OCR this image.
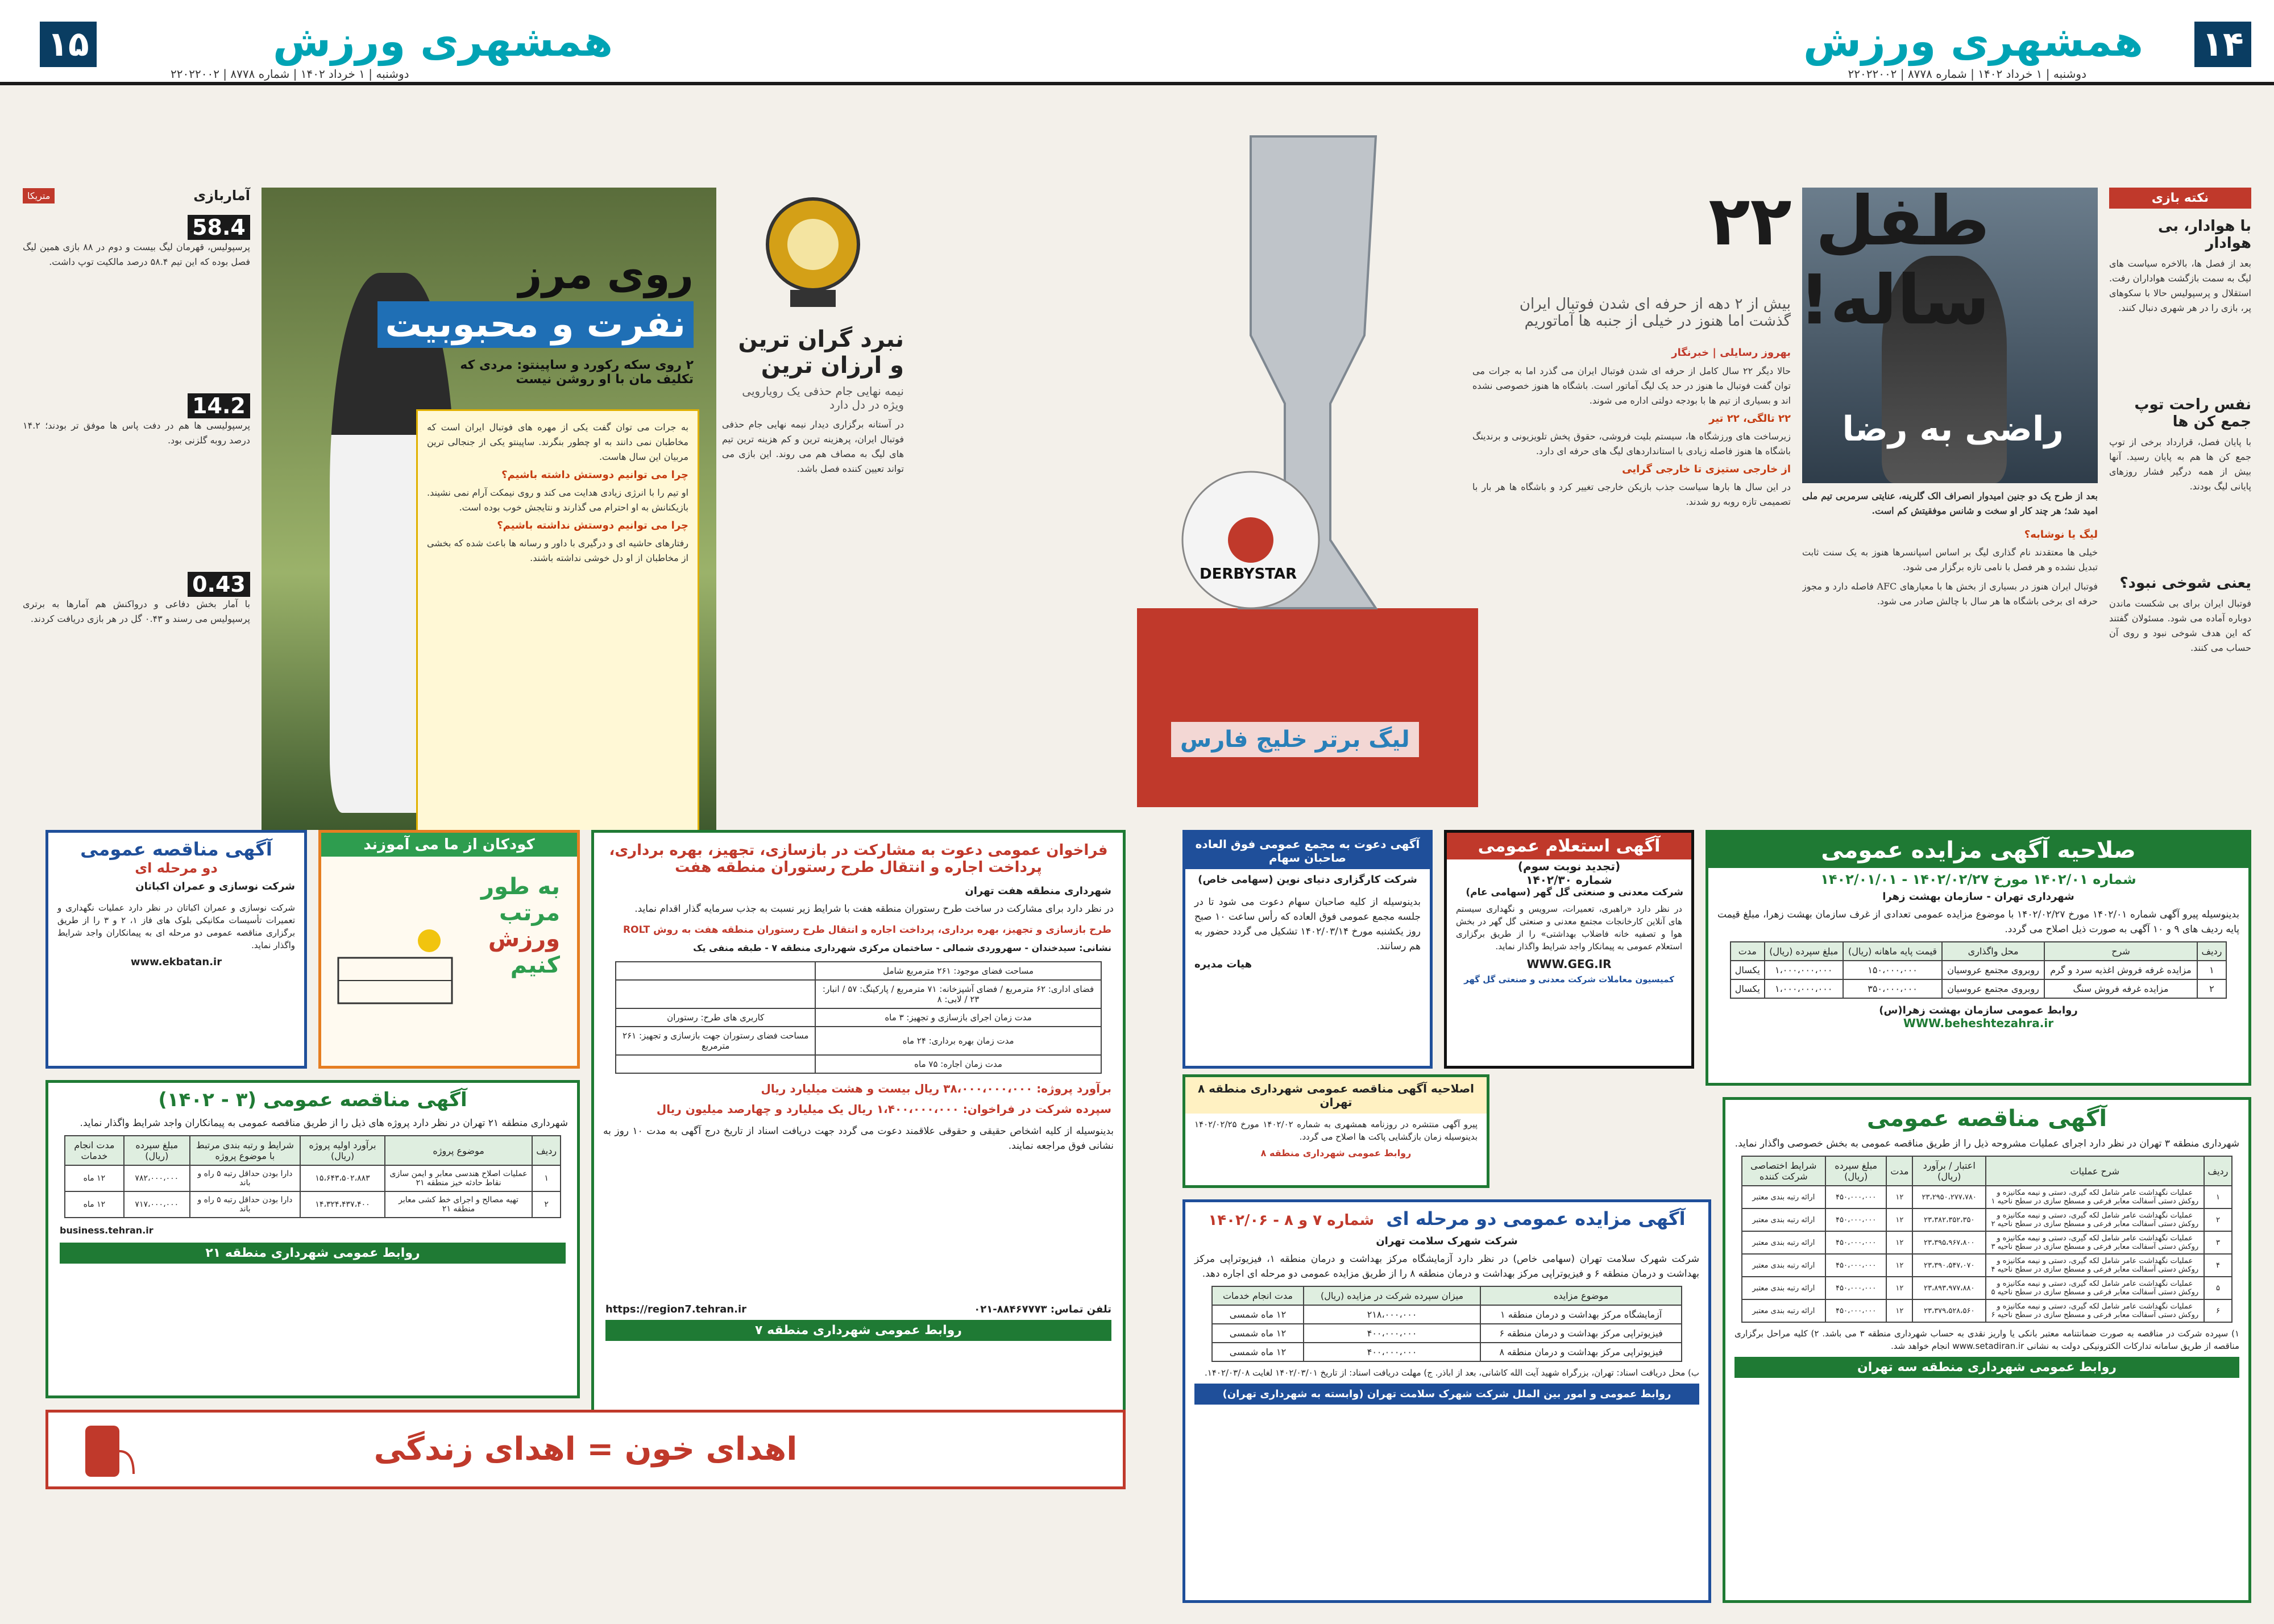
۱۴
همشهری ورزش
دوشنبه | ۱ خرداد ۱۴۰۲ | شماره ۸۷۷۸ | ۲۲۰۲۲۰۰۲
نکته بازی
با هوادار، بی هوادار
بعد از فصل ها، بالاخره سیاست های لیگ به سمت بازگشت هواداران رفت. استقلال و پرسپولیس حالا با سکوهای پر، بازی را در هر شهری دنبال کنند.
نفس راحت توپ جمع کن ها
با پایان فصل، قرارداد برخی از توپ جمع کن ها هم به پایان رسید. آنها بیش از همه درگیر فشار روزهای پایانی لیگ بودند.
یعنی شوخی نبود؟
فوتبال ایران برای بی شکست ماندن دوباره آماده می شود. مسئولان گفتند که این هدف شوخی نبود و روی آن حساب می کنند.
راضی به رضا
بعد از طرح یک دو جنین امیدوار انصراف الک گلرینه، عنایتی سرمربی تیم ملی امید شد؛ هر چند کار او سخت و شانس موفقیتش کم است.

لیگ یا نوشابه؟

خیلی ها معتقدند نام گذاری لیگ بر اساس اسپانسرها هنوز به یک سنت ثابت تبدیل نشده و هر فصل با نامی تازه برگزار می شود.

فوتبال ایران هنوز در بسیاری از بخش ها با معیارهای AFC فاصله دارد و مجوز حرفه ای برخی باشگاه ها هر سال با چالش صادر می شود.

طفل ۲۲ ساله!
بیش از ۲ دهه از حرفه ای شدن فوتبال ایران گذشت اما هنوز در خیلی از جنبه ها آماتوریم
بهروز رسایلی | خبرنگار

حالا دیگر ۲۲ سال کامل از حرفه ای شدن فوتبال ایران می گذرد اما به جرات می توان گفت فوتبال ما هنوز در حد یک لیگ آماتور است. باشگاه ها هنوز خصوصی نشده اند و بسیاری از تیم ها با بودجه دولتی اداره می شوند.

۲۲ تالگی، ۲۲ تیر

زیرساخت های ورزشگاه ها، سیستم بلیت فروشی، حقوق پخش تلویزیونی و برندینگ باشگاه ها هنوز فاصله زیادی با استانداردهای لیگ های حرفه ای دارد.

از خارجی ستیزی تا خارجی گرایی

در این سال ها بارها سیاست جذب بازیکن خارجی تغییر کرد و باشگاه ها هر بار با تصمیمی تازه روبه رو شدند.

DERBYSTAR
لیگ برتر خلیج فارس
۱۵	همشهری ورزش
دوشنبه | ۱ خرداد ۱۴۰۲ | شماره ۸۷۷۸ | ۲۲۰۲۲۰۰۲
آماربازی
متریکا
58.4
پرسپولیس، قهرمان لیگ بیست و دوم در ۸۸ بازی همین لیگ فصل بوده که این تیم ۵۸.۴ درصد مالکیت توپ داشت.
14.2
پرسپولیسی ها هم در دفت پاس ها موفق تر بودند؛ ۱۴.۲ درصد روبه گلزنی بود.
0.43
با آمار بخش دفاعی و درواکنش هم آمارها به برتری پرسپولیس می رسند و ۰.۴۳ گل در هر بازی دریافت کردند.
روی مرز
نفرت و محبوبیت
۲ روی سکه رکورد و ساپینتو: مردی که تکلیف مان با او روشن نیست

به جرات می توان گفت یکی از مهره های فوتبال ایران است که مخاطبان نمی دانند به او چطور بنگرند. ساپینتو یکی از جنجالی ترین مربیان این سال هاست.

چرا می توانیم دوستش داشته باشیم؟

او تیم را با انرژی زیادی هدایت می کند و روی نیمکت آرام نمی نشیند. بازیکنانش به او احترام می گذارند و نتایجش خوب بوده است.

چرا می توانیم دوستش نداشته باشیم؟

رفتارهای حاشیه ای و درگیری با داور و رسانه ها باعث شده که بخشی از مخاطبان از او دل خوشی نداشته باشند.

نبرد گران ترین
و ارزان ترین
نیمه نهایی جام حذفی یک رویارویی ویژه در دل دارد
در آستانه برگزاری دیدار نیمه نهایی جام حذفی فوتبال ایران، پرهزینه ترین و کم هزینه ترین تیم های لیگ به مصاف هم می روند. این بازی می تواند تعیین کننده فصل باشد.
صلاحیه آگهی مزایده عمومی
شماره ۱۴۰۲/۰۱ مورخ ۱۴۰۲/۰۲/۲۷ - ۱۴۰۲/۰۱/۰۱
شهرداری تهران - سازمان بهشت زهرا
بدینوسیله پیرو آگهی شماره ۱۴۰۲/۰۱ مورخ ۱۴۰۲/۰۲/۲۷ با موضوع مزایده عمومی تعدادی از غرف سازمان بهشت زهرا، مبلغ قیمت پایه ردیف های ۹ و ۱۰ آگهی به صورت ذیل اصلاح می گردد.
ردیف	شرح	محل واگذاری	قیمت پایه ماهانه (ریال)	مبلغ سپرده (ریال)	مدت
۱	مزایده غرفه فروش اغذیه سرد و گرم	روبروی مجتمع عروسیان	۱۵۰،۰۰۰،۰۰۰	۱،۰۰۰،۰۰۰،۰۰۰	یکسال
۲	مزایده غرفه فروش سنگ	روبروی مجتمع عروسیان	۳۵۰،۰۰۰،۰۰۰	۱،۰۰۰،۰۰۰،۰۰۰	یکسال
روابط عمومی سازمان بهشت زهرا(س)
WWW.beheshtezahra.ir
آگهی استعلام عمومی
(تجدید نوبت سوم)
شماره ۱۴۰۲/۳۰
شرکت معدنی و صنعتی گل گهر (سهامی عام)
در نظر دارد «راهبری، تعمیرات، سرویس و نگهداری سیستم های آنلاین کارخانجات مجتمع معدنی و صنعتی گل گهر در بخش هوا و تصفیه خانه فاضلاب بهداشتی» را از طریق برگزاری استعلام عمومی به پیمانکار واجد شرایط واگذار نماید.
WWW.GEG.IR
کمیسیون معاملات شرکت معدنی و صنعتی گل گهر
آگهی دعوت به مجمع عمومی فوق العاده صاحبان سهام
شرکت کارگزاری دنیای نوین (سهامی خاص)
بدینوسیله از کلیه صاحبان سهام دعوت می شود تا در جلسه مجمع عمومی فوق العاده که رأس ساعت ۱۰ صبح روز یکشنبه مورخ ۱۴۰۲/۰۳/۱۴ تشکیل می گردد حضور به هم رسانند.
هیات مدیره
اصلاحیه آگهی مناقصه عمومی شهرداری منطقه ۸ تهران
پیرو آگهی منتشره در روزنامه همشهری به شماره ۱۴۰۲/۰۲ مورخ ۱۴۰۲/۰۲/۲۵ بدینوسیله زمان بازگشایی پاکت ها اصلاح می گردد.
روابط عمومی شهرداری منطقه ۸
آگهی مناقصه عمومی
شهرداری منطقه ۳ تهران در نظر دارد اجرای عملیات مشروحه ذیل را از طریق مناقصه عمومی به بخش خصوصی واگذار نماید.
ردیف	شرح عملیات	اعتبار / برآورد (ریال)	مدت	مبلغ سپرده (ریال)	شرایط اختصاصی شرکت کننده
۱	عملیات نگهداشت عامر شامل لکه گیری، دستی و نیمه مکانیزه و روکش دستی آسفالت معابر فرعی و مسطح سازی در سطح ناحیه ۱	۲۳،۲۹۵۰،۲۷۷،۷۸۰	۱۲	۴۵۰،۰۰۰،۰۰۰	ارائه رتبه بندی معتبر
۲	عملیات نگهداشت عامر شامل لکه گیری، دستی و نیمه مکانیزه و روکش دستی آسفالت معابر فرعی و مسطح سازی در سطح ناحیه ۲	۲۳،۳۸۲،۳۵۲،۳۵۰	۱۲	۴۵۰،۰۰۰،۰۰۰	ارائه رتبه بندی معتبر
۳	عملیات نگهداشت عامر شامل لکه گیری، دستی و نیمه مکانیزه و روکش دستی آسفالت معابر فرعی و مسطح سازی در سطح ناحیه ۳	۲۳،۳۹۵،۹۶۷،۸۰۰	۱۲	۴۵۰،۰۰۰،۰۰۰	ارائه رتبه بندی معتبر
۴	عملیات نگهداشت عامر شامل لکه گیری، دستی و نیمه مکانیزه و روکش دستی آسفالت معابر فرعی و مسطح سازی در سطح ناحیه ۴	۲۳،۳۹۰،۵۴۷،۰۷۰	۱۲	۴۵۰،۰۰۰،۰۰۰	ارائه رتبه بندی معتبر
۵	عملیات نگهداشت عامر شامل لکه گیری، دستی و نیمه مکانیزه و روکش دستی آسفالت معابر فرعی و مسطح سازی در سطح ناحیه ۵	۲۳،۸۹۳،۹۷۷،۸۸۰	۱۲	۴۵۰،۰۰۰،۰۰۰	ارائه رتبه بندی معتبر
۶	عملیات نگهداشت عامر شامل لکه گیری، دستی و نیمه مکانیزه و روکش دستی آسفالت معابر فرعی و مسطح سازی در سطح ناحیه ۶	۲۳،۳۷۹،۵۲۸،۵۶۰	۱۲	۴۵۰،۰۰۰،۰۰۰	ارائه رتبه بندی معتبر
۱) سپرده شرکت در مناقصه به صورت ضمانتنامه معتبر بانکی یا واریز نقدی به حساب شهرداری منطقه ۳ می باشد. ۲) کلیه مراحل برگزاری مناقصه از طریق سامانه تدارکات الکترونیکی دولت به نشانی www.setadiran.ir انجام خواهد شد.
روابط عمومی شهرداری منطقه سه تهران
آگهی مزایده عمومی دو مرحله ای شماره ۷ و ۸ - ۱۴۰۲/۰۶
شرکت شهرک سلامت تهران
شرکت شهرک سلامت تهران (سهامی خاص) در نظر دارد آزمایشگاه مرکز بهداشت و درمان منطقه ۱، فیزیوتراپی مرکز بهداشت و درمان منطقه ۶ و فیزیوتراپی مرکز بهداشت و درمان منطقه ۸ را از طریق مزایده عمومی دو مرحله ای اجاره دهد.
موضوع مزایده	میزان سپرده شرکت در مزایده (ریال)	مدت انجام خدمات
آزمایشگاه مرکز بهداشت و درمان منطقه ۱	۲۱۸،۰۰۰،۰۰۰	۱۲ ماه شمسی
فیزیوتراپی مرکز بهداشت و درمان منطقه ۶	۴۰۰،۰۰۰،۰۰۰	۱۲ ماه شمسی
فیزیوتراپی مرکز بهداشت و درمان منطقه ۸	۴۰۰،۰۰۰،۰۰۰	۱۲ ماه شمسی
ب) محل دریافت اسناد: تهران، بزرگراه شهید آیت الله کاشانی، بعد از اباذر. ج) مهلت دریافت اسناد: از تاریخ ۱۴۰۲/۰۳/۰۱ لغایت ۱۴۰۲/۰۳/۰۸.
روابط عمومی و امور بین الملل شرکت شهرک سلامت تهران (وابسته به شهرداری تهران)
فراخوان عمومی دعوت به مشارکت در بازسازی، تجهیز، بهره برداری، پرداخت اجاره و انتقال طرح رستوران منطقه هفت
شهرداری منطقه هفت تهران
در نظر دارد برای مشارکت در ساخت طرح رستوران منطقه هفت با شرایط زیر نسبت به جذب سرمایه گذار اقدام نماید.
طرح بازسازی و تجهیز، بهره برداری، پرداخت اجاره و انتقال طرح رستوران منطقه هفت به روش ROLT
نشانی: سیدخندان - سهروردی شمالی - ساختمان مرکزی شهرداری منطقه ۷ - طبقه منفی یک
مساحت فضای موجود: ۲۶۱ مترمربع شامل	
فضای اداری: ۶۲ مترمربع / فضای آشپزخانه: ۷۱ مترمربع / پارکینگ: ۵۷ / انبار: ۲۳ / لابی: ۸	
مدت زمان اجرای بازسازی و تجهیز: ۳ ماه	کاربری های طرح: رستوران
مدت زمان بهره برداری: ۲۴ ماه	مساحت فضای رستوران جهت بازسازی و تجهیز: ۲۶۱ مترمربع
مدت زمان اجاره: ۷۵ ماه	
برآورد پروژه: ۳۸،۰۰۰،۰۰۰،۰۰۰ ریال بیست و هشت میلیارد ریال
سپرده شرکت در فراخوان: ۱،۴۰۰،۰۰۰،۰۰۰ ریال یک میلیارد و چهارصد میلیون ریال
بدینوسیله از کلیه اشخاص حقیقی و حقوقی علاقمند دعوت می گردد جهت دریافت اسناد از تاریخ درج آگهی به مدت ۱۰ روز به نشانی فوق مراجعه نمایند.
تلفن تماس: ۸۸۴۶۷۷۷۳-۰۲۱
https://region7.tehran.ir
روابط عمومی شهرداری منطقه ۷
کودکان از ما می آموزند
به طور
مرتب
ورزش
کنیم
آگهی مناقصه عمومی
دو مرحله ای
شرکت نوسازی و عمران اکباتان
شرکت نوسازی و عمران اکباتان در نظر دارد عملیات نگهداری و تعمیرات تأسیسات مکانیکی بلوک های فاز ۱، ۲ و ۳ را از طریق برگزاری مناقصه عمومی دو مرحله ای به پیمانکاران واجد شرایط واگذار نماید.
www.ekbatan.ir
آگهی مناقصه عمومی (۳ - ۱۴۰۲)
شهرداری منطقه ۲۱ تهران در نظر دارد پروژه های ذیل را از طریق مناقصه عمومی به پیمانکاران واجد شرایط واگذار نماید.
ردیف	موضوع پروژه	برآورد اولیه پروژه (ریال)	شرایط و رتبه بندی مرتبط با موضوع پروژه	مبلغ سپرده (ریال)	مدت انجام خدمات
۱	عملیات اصلاح هندسی معابر و ایمن سازی نقاط حادثه خیز منطقه ۲۱	۱۵،۶۴۳،۵۰۲،۸۸۳	دارا بودن حداقل رتبه ۵ راه و باند	۷۸۲،۰۰۰،۰۰۰	۱۲ ماه
۲	تهیه مصالح و اجرای خط کشی معابر منطقه ۲۱	۱۴،۳۲۴،۴۳۷،۴۰۰	دارا بودن حداقل رتبه ۵ راه و باند	۷۱۷،۰۰۰،۰۰۰	۱۲ ماه
business.tehran.ir
روابط عمومی شهرداری منطقه ۲۱
اهدای خون = اهدای زندگی
